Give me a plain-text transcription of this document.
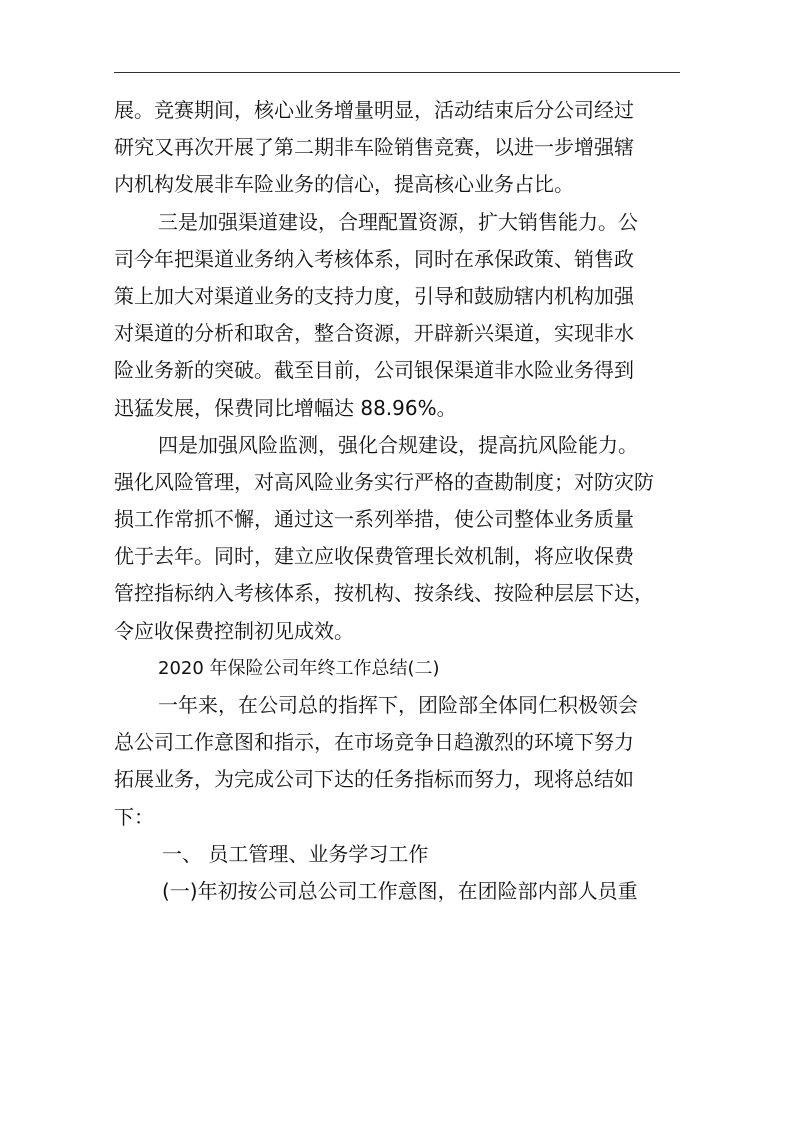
展。竞赛期间，核心业务增量明显，活动结束后分公司经过
研究又再次开展了第二期非车险销售竞赛，以进一步增强辖
内机构发展非车险业务的信心，提高核心业务占比。
三是加强渠道建设，合理配置资源，扩大销售能力。公
司今年把渠道业务纳入考核体系，同时在承保政策、销售政
策上加大对渠道业务的支持力度，引导和鼓励辖内机构加强
对渠道的分析和取舍，整合资源，开辟新兴渠道，实现非水
险业务新的突破。截至目前，公司银保渠道非水险业务得到
迅猛发展，保费同比增幅达 88.96%。
四是加强风险监测，强化合规建设，提高抗风险能力。
强化风险管理，对高风险业务实行严格的查勘制度；对防灾防
损工作常抓不懈，通过这一系列举措，使公司整体业务质量
优于去年。同时，建立应收保费管理长效机制，将应收保费
管控指标纳入考核体系，按机构、按条线、按险种层层下达，
令应收保费控制初见成效。
2020 年保险公司年终工作总结(二)
一年来，在公司总的指挥下，团险部全体同仁积极领会
总公司工作意图和指示，在市场竞争日趋激烈的环境下努力
拓展业务，为完成公司下达的任务指标而努力，现将总结如
下：
一、 员工管理、业务学习工作
(一)年初按公司总公司工作意图，在团险部内部人员重
